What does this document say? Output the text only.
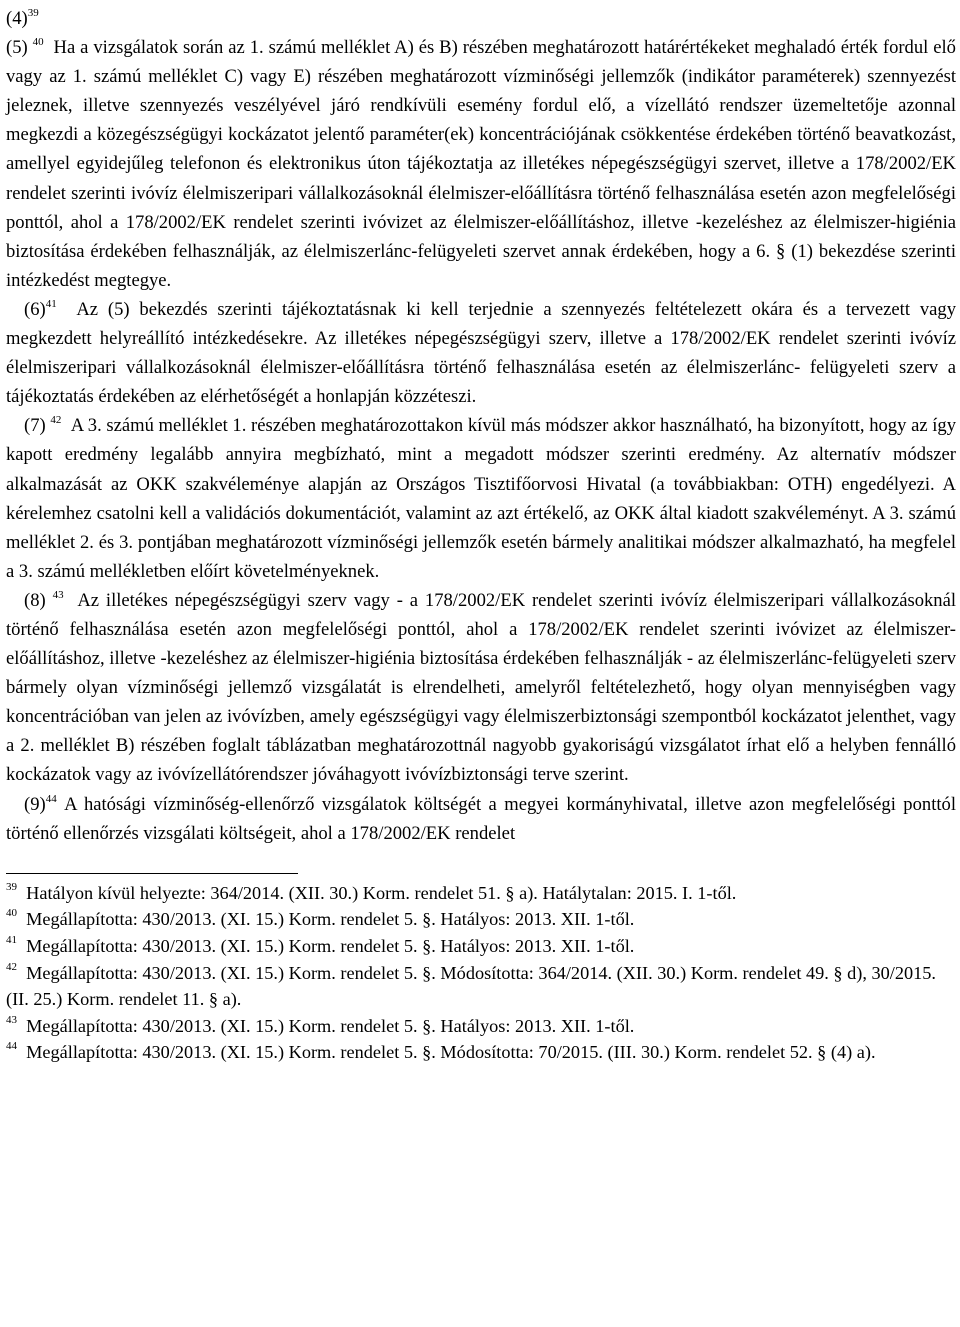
$(4)^{39}$

(5) $^{40}$ Ha a vizsgálatok során az 1. számú melléklet A) és B) részében meghatározott határértékeket meghaladó érték fordul elő vagy az 1. számú melléklet C) vagy E) részében meghatározott vízminőségi jellemzők (indikátor paraméterek) szennyezést jeleznek, illetve szennyezés veszélyével járó rendkívüli esemény fordul elő, a vízellátó rendszer üzemeltetője azonnal megkezdi a közegészségügyi kockázatot jelentő paraméter(ek) koncentrációjának csökkentése érdekében történő beavatkozást, amellyel egyidejűleg telefonon és elektronikus úton tájékoztatja az illetékes népegészségügyi szervet, illetve a 178/2002/EK rendelet szerinti ivóvíz élelmiszeripari vállalkozásoknál élelmiszer-előállításra történő felhasználása esetén azon megfelelőségi ponttól, ahol a 178/2002/EK rendelet szerinti ivóvizet az élelmiszer-előállításhoz, illetve -kezeléshez az élelmiszer-higiénia biztosítása érdekében felhasználják, az élelmiszerlánc-felügyeleti szervet annak érdekében, hogy a 6. § (1) bekezdése szerinti intézkedést megtegye.

$(6)^{41}$ Az (5) bekezdés szerinti tájékoztatásnak ki kell terjednie a szennyezés feltételezett okára és a tervezett vagy megkezdett helyreállító intézkedésekre. Az illetékes népegészségügyi szerv, illetve a 178/2002/EK rendelet szerinti ivóvíz élelmiszeripari vállalkozásoknál élelmiszer-előállításra történő felhasználása esetén az élelmiszerlánc- felügyeleti szerv a tájékoztatás érdekében az elérhetőségét a honlapján közzéteszi.

(7) $^{42}$ A 3. számú melléklet 1. részében meghatározottakon kívül más módszer akkor használható, ha bizonyított, hogy az így kapott eredmény legalább annyira megbízható, mint a megadott módszer szerinti eredmény. Az alternatív módszer alkalmazását az OKK szakvéleménye alapján az Országos Tisztifőorvosi Hivatal (a továbbiakban: OTH) engedélyezi. A kérelemhez csatolni kell a validációs dokumentációt, valamint az azt értékelő, az OKK által kiadott szakvéleményt. A 3. számú melléklet 2. és 3. pontjában meghatározott vízminőségi jellemzők esetén bármely analitikai módszer alkalmazható, ha megfelel a 3. számú mellékletben előírt követelményeknek.

(8) $^{43}$ Az illetékes népegészségügyi szerv vagy - a 178/2002/EK rendelet szerinti ivóvíz élelmiszeripari vállalkozásoknál történő felhasználása esetén azon megfelelőségi ponttól, ahol a 178/2002/EK rendelet szerinti ivóvizet az élelmiszer-előállításhoz, illetve -kezeléshez az élelmiszer-higiénia biztosítása érdekében felhasználják - az élelmiszerlánc-felügyeleti szerv bármely olyan vízminőségi jellemző vizsgálatát is elrendelheti, amelyről feltételezhető, hogy olyan mennyiségben vagy koncentrációban van jelen az ivóvízben, amely egészségügyi vagy élelmiszerbiztonsági szempontból kockázatot jelenthet, vagy a 2. melléklet B) részében foglalt táblázatban meghatározottnál nagyobb gyakoriságú vizsgálatot írhat elő a helyben fennálló kockázatok vagy az ivóvízellátórendszer jóváhagyott ivóvízbiztonsági terve szerint.

$(9)^{44}$ A hatósági vízminőség-ellenőrző vizsgálatok költségét a megyei kormányhivatal, illetve azon megfelelőségi ponttól történő ellenőrzés vizsgálati költségeit, ahol a 178/2002/EK rendelet

$^{39}$ Hatályon kívül helyezte: 364/2014. (XII. 30.) Korm. rendelet 51. § a). Hatálytalan: 2015. I. 1-től.

$^{40}$ Megállapította: 430/2013. (XI. 15.) Korm. rendelet 5. §. Hatályos: 2013. XII. 1-től.

$^{41}$ Megállapította: 430/2013. (XI. 15.) Korm. rendelet 5. §. Hatályos: 2013. XII. 1-től.

$^{42}$ Megállapította: 430/2013. (XI. 15.) Korm. rendelet 5. §. Módosította: 364/2014. (XII. 30.) Korm. rendelet 49. § d), 30/2015. (II. 25.) Korm. rendelet 11. § a).

$^{43}$ Megállapította: 430/2013. (XI. 15.) Korm. rendelet 5. §. Hatályos: 2013. XII. 1-től.

$^{44}$ Megállapította: 430/2013. (XI. 15.) Korm. rendelet 5. §. Módosította: 70/2015. (III. 30.) Korm. rendelet 52. § (4) a).
